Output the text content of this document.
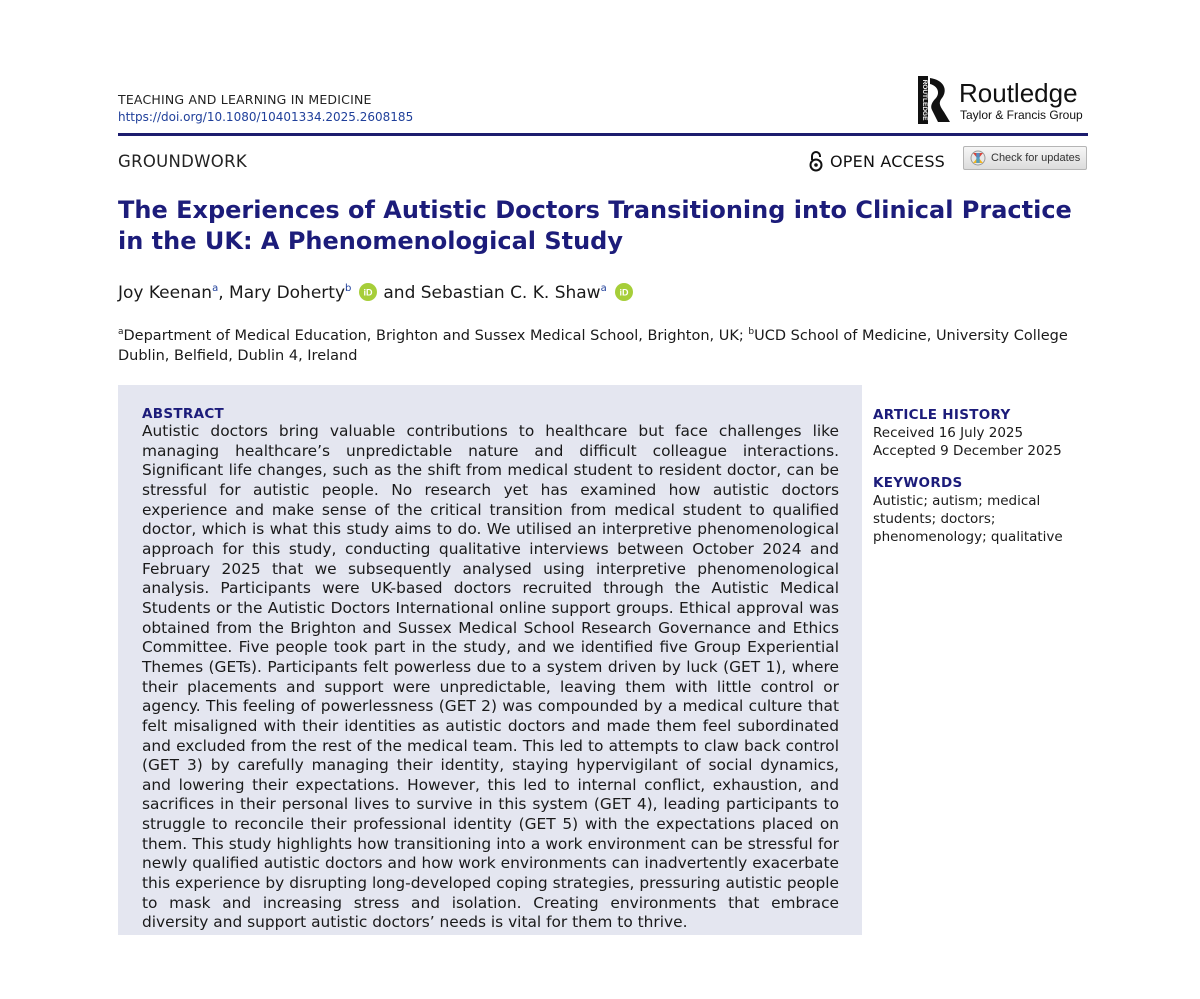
TEACHING AND LEARNING IN MEDICINE
https://doi.org/10.1080/10401334.2025.2608185	ROUTLEDGE Routledge
Taylor & Francis Group
GROUNDWORK	OPEN ACCESS	Check for updates
The Experiences of Autistic Doctors Transitioning into Clinical Practice in the UK: A Phenomenological Study
Joy Keenan$^a$, Mary Doherty$^b$ iD and Sebastian C. K. Shaw$^a$ iD
$^a$Department of Medical Education, Brighton and Sussex Medical School, Brighton, UK; $^b$UCD School of Medicine, University College Dublin, Belfield, Dublin 4, Ireland
ABSTRACT

Autistic doctors bring valuable contributions to healthcare but face challenges like managing healthcare’s unpredictable nature and difficult colleague interactions. Significant life changes, such as the shift from medical student to resident doctor, can be stressful for autistic people. No research yet has examined how autistic doctors experience and make sense of the critical transition from medical student to qualified doctor, which is what this study aims to do. We utilised an interpretive phenomenological approach for this study, conducting qualitative interviews between October 2024 and February 2025 that we subsequently analysed using interpretive phenomenological analysis. Participants were UK-based doctors recruited through the Autistic Medical Students or the Autistic Doctors International online support groups. Ethical approval was obtained from the Brighton and Sussex Medical School Research Governance and Ethics Committee. Five people took part in the study, and we identified five Group Experiential Themes (GETs). Participants felt powerless due to a system driven by luck (GET 1), where their placements and support were unpredictable, leaving them with little control or agency. This feeling of powerlessness (GET 2) was compounded by a medical culture that felt misaligned with their identities as autistic doctors and made them feel subordinated and excluded from the rest of the medical team. This led to attempts to claw back control (GET 3) by carefully managing their identity, staying hypervigilant of social dynamics, and lowering their expectations. However, this led to internal conflict, exhaustion, and sacrifices in their personal lives to survive in this system (GET 4), leading participants to struggle to reconcile their professional identity (GET 5) with the expectations placed on them. This study highlights how transitioning into a work environment can be stressful for newly qualified autistic doctors and how work environments can inadvertently exacerbate this experience by disrupting long-developed coping strategies, pressuring autistic people to mask and increasing stress and isolation. Creating environments that embrace diversity and support autistic doctors’ needs is vital for them to thrive.

ARTICLE HISTORY

Received 16 July 2025

Accepted 9 December 2025

KEYWORDS

Autistic; autism; medical students; doctors; phenomenology; qualitative
